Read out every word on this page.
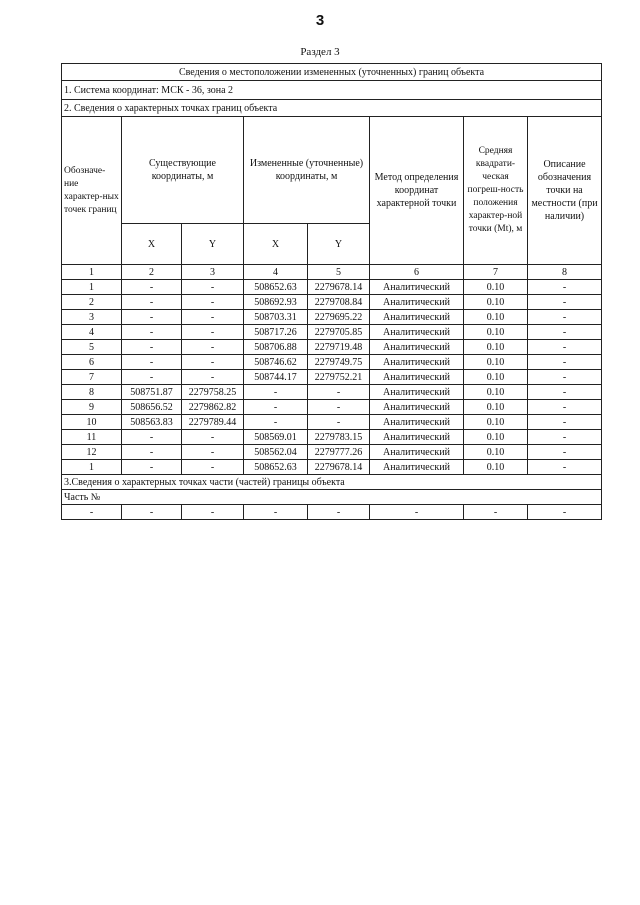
3
Раздел 3
Сведения о местоположении измененных (уточненных) границ объекта							
1. Система координат: МСК - 36, зона 2							
2. Сведения о характерных точках границ объекта							
Обозначе-ние характер-ных точек границ	Существующие координаты, м		Измененные (уточненные) координаты, м		Метод определения координат характерной точки	Средняя квадрати-ческая погреш-ность положения характер-ной точки (Mt), м	Описание обозначения точки на местности (при наличии)
	X	Y	X	Y			
1	2	3	4	5	6	7	8
1	-	-	508652.63	2279678.14	Аналитический	0.10	-
2	-	-	508692.93	2279708.84	Аналитический	0.10	-
3	-	-	508703.31	2279695.22	Аналитический	0.10	-
4	-	-	508717.26	2279705.85	Аналитический	0.10	-
5	-	-	508706.88	2279719.48	Аналитический	0.10	-
6	-	-	508746.62	2279749.75	Аналитический	0.10	-
7	-	-	508744.17	2279752.21	Аналитический	0.10	-
8	508751.87	2279758.25	-	-	Аналитический	0.10	-
9	508656.52	2279862.82	-	-	Аналитический	0.10	-
10	508563.83	2279789.44	-	-	Аналитический	0.10	-
11	-	-	508569.01	2279783.15	Аналитический	0.10	-
12	-	-	508562.04	2279777.26	Аналитический	0.10	-
1	-	-	508652.63	2279678.14	Аналитический	0.10	-
3.Сведения о характерных точках части (частей) границы объекта							
Часть №							
-	-	-	-	-	-	-	-
